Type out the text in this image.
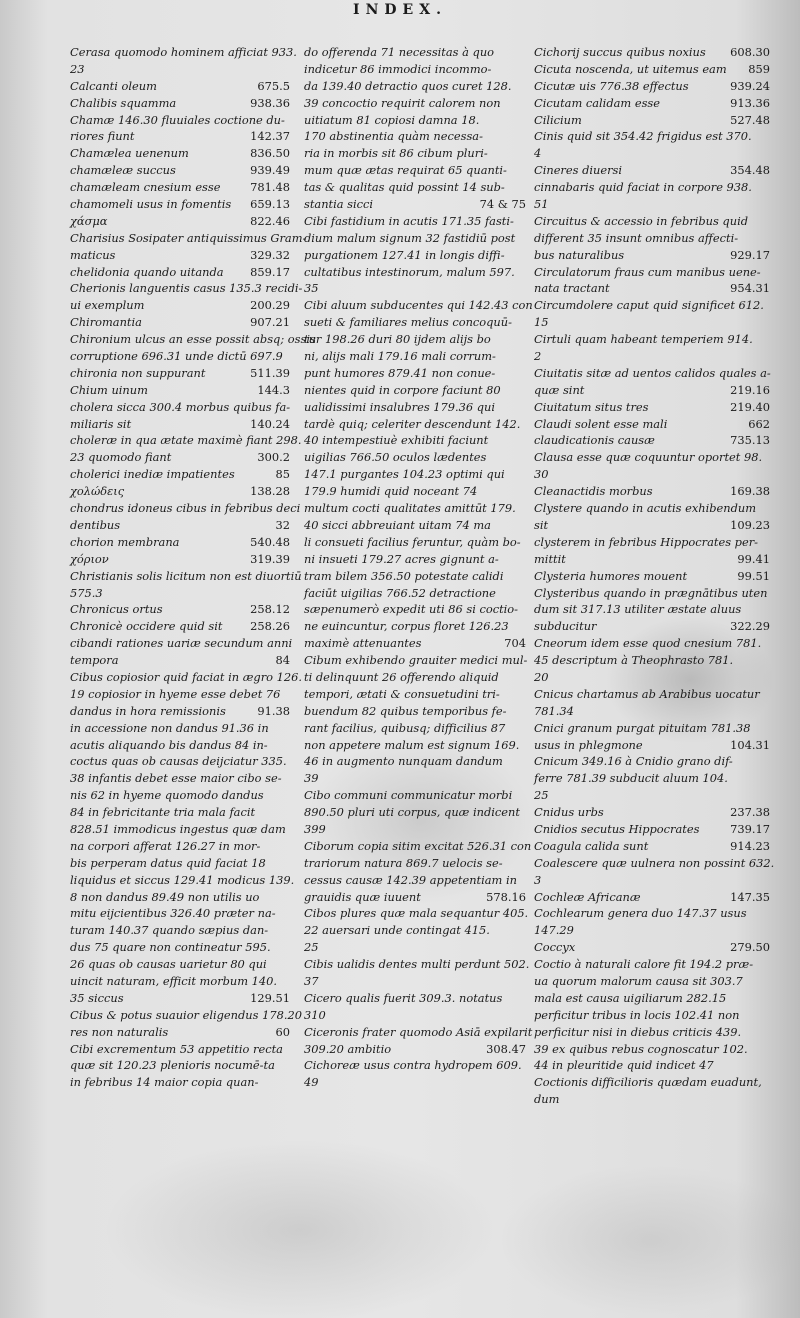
INDEX.
Cerasa quomodo hominem afficiat 933.
23
Calcanti oleum	675.5
Chalibis squamma	938.36
Chamæ 146.30 fluuiales coctione du-
riores fiunt	142.37
Chamælea uenenum	836.50
chamæleæ succus	939.49
chamæleam cnesium esse	781.48
chamomeli usus in fomentis	659.13
χάσμα	822.46
Charisius Sosipater antiquissimus Gram-
maticus	329.32
chelidonia quando uitanda	859.17
Cherionis languentis casus 135.3 recidi-
ui exemplum	200.29
Chiromantia	907.21
Chironium ulcus an esse possit absq; ossis
corruptione 696.31 unde dictū 697.9
chironia non suppurant	511.39
Chium uinum	144.3
cholera sicca 300.4 morbus quibus fa-
miliaris sit	140.24
choleræ in qua ætate maximè fiant 298.
23 quomodo fiant	300.2
cholerici inediæ impatientes	85
χολώδεις	138.28
chondrus idoneus cibus in febribus deci
dentibus	32
chorion membrana	540.48
χόριον	319.39
Christianis solis licitum non est diuortiū
575.3
Chronicus ortus	258.12
Chronicè occidere quid sit	258.26
cibandi rationes uariæ secundum anni
tempora	84
Cibus copiosior quid faciat in ægro 126.
19 copiosior in hyeme esse debet 76
dandus in hora remissionis	91.38
in accessione non dandus 91.36 in
acutis aliquando bis dandus 84 in-
coctus quas ob causas deijciatur 335.
38 infantis debet esse maior cibo se-
nis 62 in hyeme quomodo dandus
84 in febricitante tria mala facit
828.51 immodicus ingestus quæ dam
na corpori afferat 126.27 in mor-
bis perperam datus quid faciat 18
liquidus et siccus 129.41 modicus 139.
8 non dandus 89.49 non utilis uo
mitu eijcientibus 326.40 præter na-
turam 140.37 quando sæpius dan-
dus 75 quare non contineatur 595.
26 quas ob causas uarietur 80 qui
uincit naturam, efficit morbum 140.
35 siccus	129.51
Cibus & potus suauior eligendus 178.20
res non naturalis	60
Cibi excrementum 53 appetitio recta
quæ sit 120.23 plenioris nocumē-ta
in febribus 14 maior copia quan-
do offerenda 71 necessitas à quo
indicetur 86 immodici incommo-
da 139.40 detractio quos curet 128.
39 concoctio requirit calorem non
uitiatum 81 copiosi damna 18.
170 abstinentia quàm necessa-
ria in morbis sit 86 cibum pluri-
mum quæ ætas requirat 65 quanti-
tas & qualitas quid possint 14 sub-
stantia sicci	74 & 75
Cibi fastidium in acutis 171.35 fasti-
dium malum signum 32 fastidiū post
purgationem 127.41 in longis diffi-
cultatibus intestinorum, malum 597.
35
Cibi aluum subducentes qui 142.43 con
sueti & familiares melius concoquū-
tur 198.26 duri 80 ijdem alijs bo
ni, alijs mali 179.16 mali corrum-
punt humores 879.41 non conue-
nientes quid in corpore faciunt 80
ualidissimi insalubres 179.36 qui
tardè quiq; celeriter descendunt 142.
40 intempestiuè exhibiti faciunt
uigilias 766.50 oculos lædentes
147.1 purgantes 104.23 optimi qui
179.9 humidi quid noceant 74
multum cocti qualitates amittūt 179.
40 sicci abbreuiant uitam 74 ma
li consueti facilius feruntur, quàm bo-
ni insueti 179.27 acres gignunt a-
tram bilem 356.50 potestate calidi
faciūt uigilias 766.52 detractione
sæpenumerò expedit uti 86 si coctio-
ne euincuntur, corpus floret 126.23
maximè attenuantes	704
Cibum exhibendo grauiter medici mul-
ti delinquunt 26 offerendo aliquid
tempori, ætati & consuetudini tri-
buendum 82 quibus temporibus fe-
rant facilius, quibusq; difficilius 87
non appetere malum est signum 169.
46 in augmento nunquam dandum
39
Cibo communi communicatur morbi
890.50 pluri uti corpus, quæ indicent
399
Ciborum copia sitim excitat 526.31 con
trariorum natura 869.7 uelocis se-
cessus causæ 142.39 appetentiam in
grauidis quæ iuuent	578.16
Cibos plures quæ mala sequantur 405.
22 auersari unde contingat 415.
25
Cibis ualidis dentes multi perdunt 502.
37
Cicero qualis fuerit 309.3. notatus
310
Ciceronis frater quomodo Asiā expilarit
309.20 ambitio	308.47
Cichoreæ usus contra hydropem 609.
49
Cichorij succus quibus noxius	608.30
Cicuta noscenda, ut uitemus eam	859
Cicutæ uis 776.38 effectus	939.24
Cicutam calidam esse	913.36
Cilicium	527.48
Cinis quid sit 354.42 frigidus est 370.
4
Cineres diuersi	354.48
cinnabaris quid faciat in corpore 938.
51
Circuitus & accessio in febribus quid
different 35 insunt omnibus affecti-
bus naturalibus	929.17
Circulatorum fraus cum manibus uene-
nata tractant	954.31
Circumdolere caput quid significet 612.
15
Cirtuli quam habeant temperiem 914.
2
Ciuitatis sitæ ad uentos calidos quales a-
quæ sint	219.16
Ciuitatum situs tres	219.40
Claudi solent esse mali	662
claudicationis causæ	735.13
Clausa esse quæ coquuntur oportet 98.
30
Cleanactidis morbus	169.38
Clystere quando in acutis exhibendum
sit	109.23
clysterem in febribus Hippocrates per-
mittit	99.41
Clysteria humores mouent	99.51
Clysteribus quando in prægnātibus uten
dum sit 317.13 utiliter æstate aluus
subducitur	322.29
Cneorum idem esse quod cnesium 781.
45 descriptum à Theophrasto 781.
20
Cnicus chartamus ab Arabibus uocatur
781.34
Cnici granum purgat pituitam 781.38
usus in phlegmone	104.31
Cnicum 349.16 à Cnidio grano dif-
ferre 781.39 subducit aluum 104.
25
Cnidus urbs	237.38
Cnidios secutus Hippocrates	739.17
Coagula calida sunt	914.23
Coalescere quæ uulnera non possint 632.
3
Cochleæ Africanæ	147.35
Cochlearum genera duo 147.37 usus
147.29
Coccyx	279.50
Coctio à naturali calore fit 194.2 præ-
ua quorum malorum causa sit 303.7
mala est causa uigiliarum 282.15
perficitur tribus in locis 102.41 non
perficitur nisi in diebus criticis 439.
39 ex quibus rebus cognoscatur 102.
44 in pleuritide quid indicet 47
Coctionis difficilioris quædam euadunt,
dum
